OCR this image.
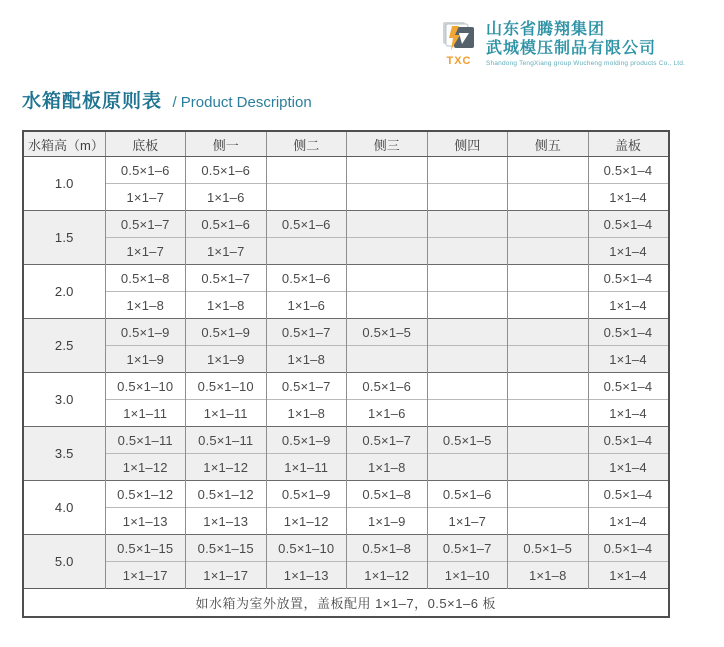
TXC
山东省腾翔集团
武城模压制品有限公司
Shandong TengXiang group Wucheng molding products Co., Ltd.
水箱配板原则表 / Product Description
水箱高（m）	底板	侧一	侧二	侧三	侧四	侧五	盖板
1.0	0.5×1–6	0.5×1–6					0.5×1–4
	1×1–7	1×1–6					1×1–4
1.5	0.5×1–7	0.5×1–6	0.5×1–6				0.5×1–4
	1×1–7	1×1–7					1×1–4
2.0	0.5×1–8	0.5×1–7	0.5×1–6				0.5×1–4
	1×1–8	1×1–8	1×1–6				1×1–4
2.5	0.5×1–9	0.5×1–9	0.5×1–7	0.5×1–5			0.5×1–4
	1×1–9	1×1–9	1×1–8				1×1–4
3.0	0.5×1–10	0.5×1–10	0.5×1–7	0.5×1–6			0.5×1–4
	1×1–11	1×1–11	1×1–8	1×1–6			1×1–4
3.5	0.5×1–11	0.5×1–11	0.5×1–9	0.5×1–7	0.5×1–5		0.5×1–4
	1×1–12	1×1–12	1×1–11	1×1–8			1×1–4
4.0	0.5×1–12	0.5×1–12	0.5×1–9	0.5×1–8	0.5×1–6		0.5×1–4
	1×1–13	1×1–13	1×1–12	1×1–9	1×1–7		1×1–4
5.0	0.5×1–15	0.5×1–15	0.5×1–10	0.5×1–8	0.5×1–7	0.5×1–5	0.5×1–4
	1×1–17	1×1–17	1×1–13	1×1–12	1×1–10	1×1–8	1×1–4
如水箱为室外放置，盖板配用 1×1–7，0.5×1–6 板							
